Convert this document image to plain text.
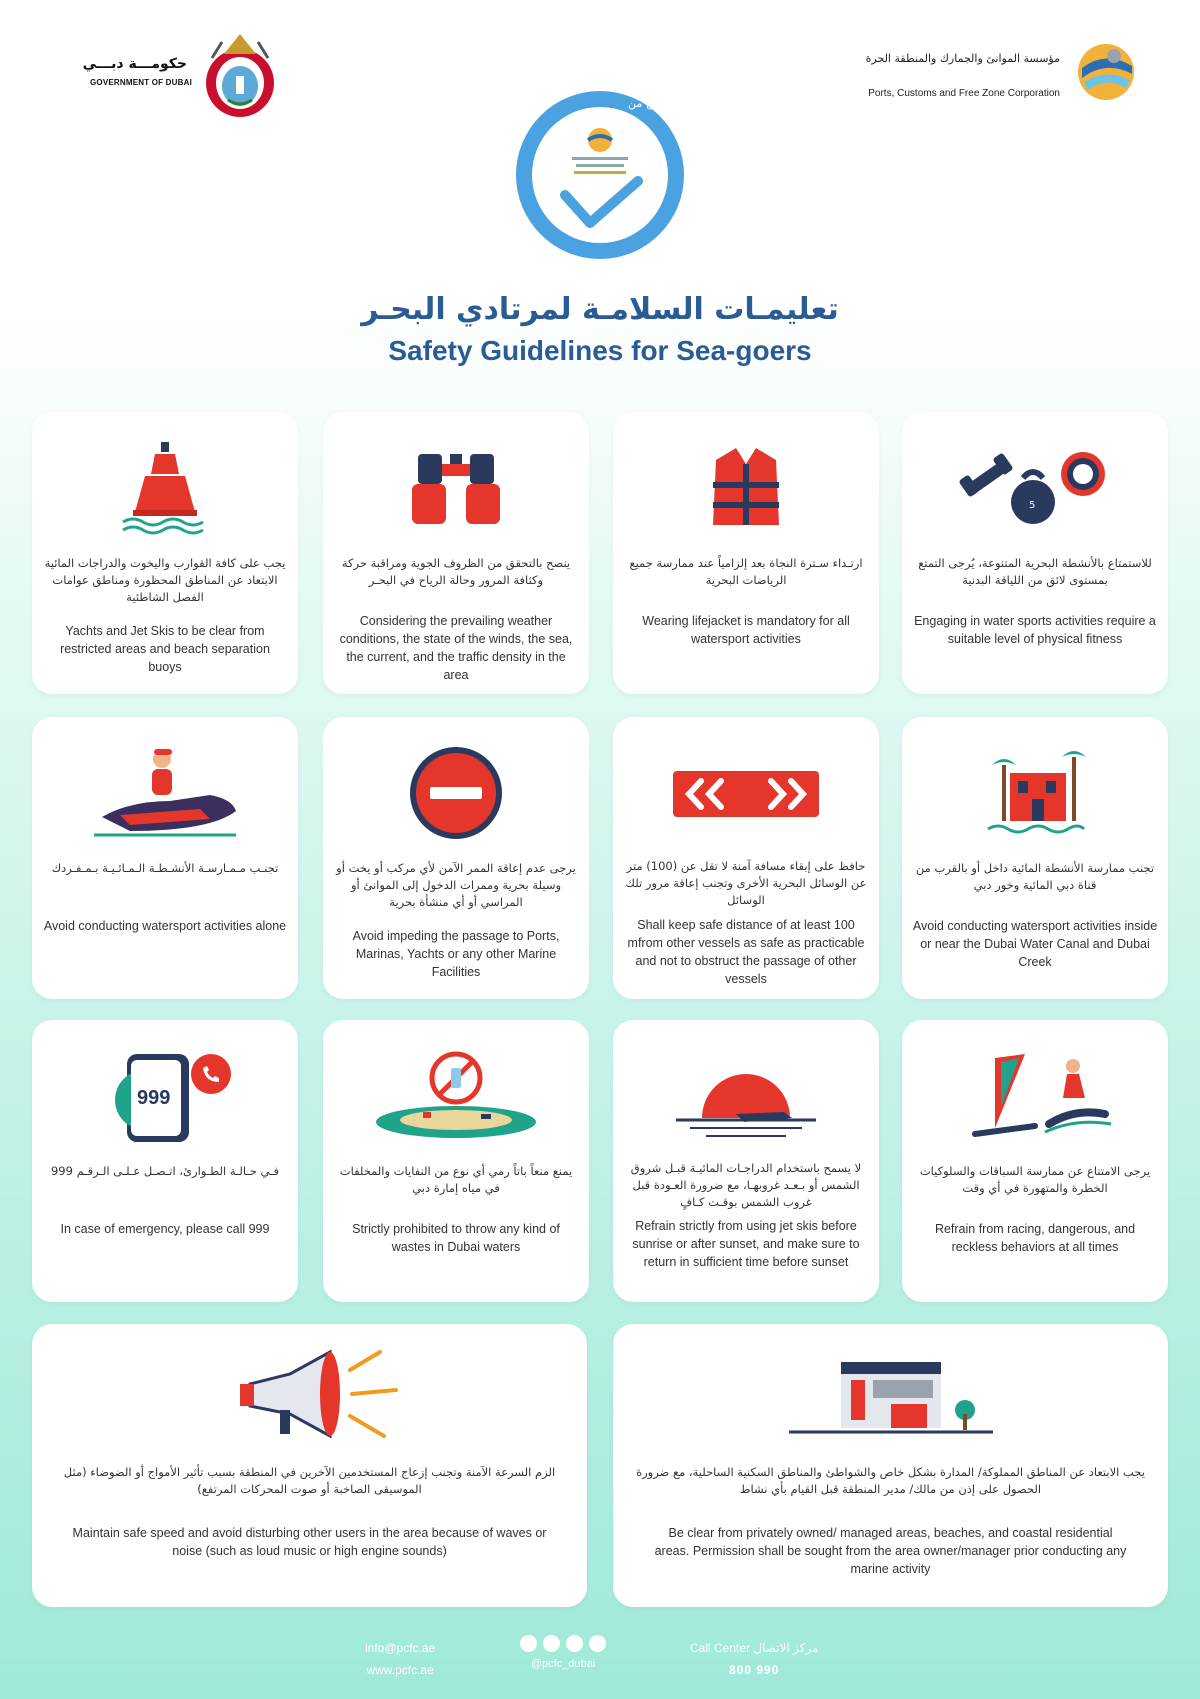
حكومـــة دبـــي
GOVERNMENT OF DUBAI
مؤسسة الموانئ والجمارك والمنطقة الحرة
Ports, Customs and Free Zone Corporation
Permitted By
مصرح من
تعليمـات السلامـة لمرتادي البحـر
Safety Guidelines for Sea-goers
5
للاستمتاع بالأنشطة البحرية المتنوعة، يُرجى التمتع بمستوى لائق من اللياقة البدنية
Engaging in water sports activities require a suitable level of physical fitness
ارتـداء سـترة النجاة بعد إلزامياً عند ممارسة جميع الرياضات البحرية
Wearing lifejacket is mandatory for all watersport activities
ينصح بالتحقق من الظروف الجوية ومراقبة حركة وكثافة المرور وحالة الرياح في البحـر
Considering the prevailing weather conditions, the state of the winds, the sea, the current, and the traffic density in the area
يجب على كافة القوارب واليخوت والدراجات المائية الابتعاد عن المناطق المحظورة ومناطق عوامات الفصل الشاطئية
Yachts and Jet Skis to be clear from restricted areas and beach separation buoys
تجنب ممارسة الأنشطة المائية داخل أو بالقرب من قناة دبي المائية وخور دبي
Avoid conducting watersport activities inside or near the Dubai Water Canal and Dubai Creek
حافظ على إبقاء مسافة آمنة لا تقل عن (100) متر عن الوسائل البحرية الأخرى وتجنب إعاقة مرور تلك الوسائل
Shall keep safe distance of at least 100 mfrom other vessels as safe as practicable and not to obstruct the passage of other vessels
يرجى عدم إعاقة الممر الآمن لأي مركب أو يخت أو وسيلة بحرية وممرات الدخول إلى الموانئ أو المراسي أو أي منشأة بحرية
Avoid impeding the passage to Ports, Marinas, Yachts or any other Marine Facilities
تجنـب مـمـارسـة الأنشـطـة الـمـائـيـة بـمـفـردك
Avoid conducting watersport activities alone
يرجى الامتناع عن ممارسة السباقات والسلوكيات الخطرة والمتهورة في أي وقت
Refrain from racing, dangerous, and reckless behaviors at all times
لا يسمح باستخدام الدراجـات المائيـة قبـل شروق الشمس أو بـعـد غروبهـا، مع ضرورة العـودة قبل غروب الشمس بوقـت كـافٍ
Refrain strictly from using jet skis before sunrise or after sunset, and make sure to return in sufficient time before sunset
يمنع منعاً باتاً رمي أي نوع من النفايات والمخلفات في مياه إمارة دبي
Strictly prohibited to throw any kind of wastes in Dubai waters
999
فـي حـالـة الطـوارئ، اتـصـل عـلـى الـرقـم 999
In case of emergency, please call 999
يجب الابتعاد عن المناطق المملوكة/ المدارة بشكل خاص والشواطئ والمناطق السكنية الساحلية، مع ضرورة الحصول على إذن من مالك/ مدير المنطقة قبل القيام بأي نشاط
Be clear from privately owned/ managed areas, beaches, and coastal residential areas. Permission shall be sought from the area owner/manager prior conducting any marine activity
الزم السرعة الآمنة وتجنب إزعاج المستخدمين الآخرين في المنطقة بسبب تأثير الأمواج أو الضوضاء (مثل الموسيقى الصاخبة أو صوت المحركات المرتفع)
Maintain safe speed and avoid disturbing other users in the area because of waves or noise (such as loud music or high engine sounds)
info@pcfc.ae
www.pcfc.ae	@pcfc_dubai
Call Center مركز الاتصال
800 990
